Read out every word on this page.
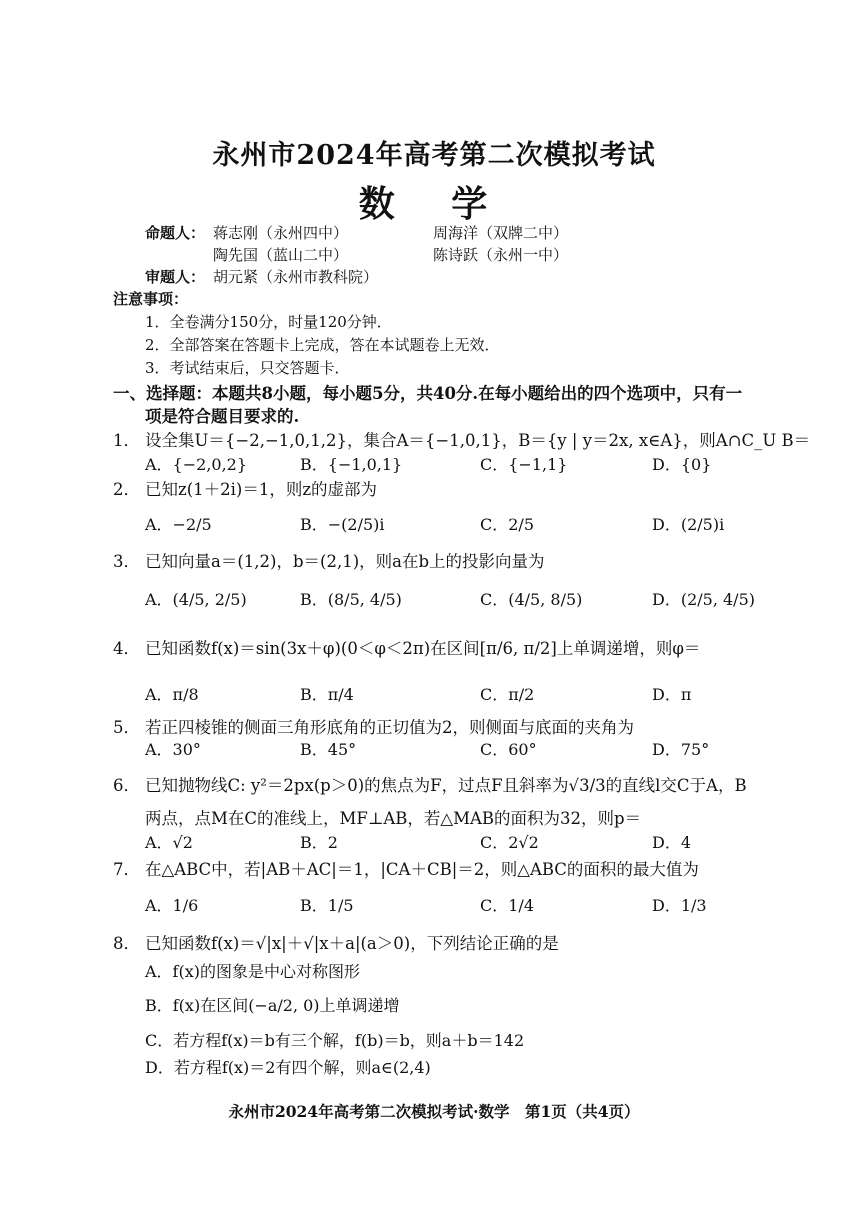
永州市2024年高考第二次模拟考试
数 学
命题人： 蒋志刚（永州四中）	周海洋（双牌二中）
陶先国（蓝山二中）	陈诗跃（永州一中）
审题人： 胡元紧（永州市教科院）
注意事项：
1．全卷满分150分，时量120分钟．
2．全部答案在答题卡上完成，答在本试题卷上无效．
3．考试结束后，只交答题卡．
一、选择题：本题共8小题，每小题5分，共40分.在每小题给出的四个选项中，只有一
项是符合题目要求的.
1． 设全集U＝{−2,−1,0,1,2}，集合A＝{−1,0,1}，B＝{y | y＝2x, x∈A}，则A∩C_U B＝
A．{−2,0,2}	B．{−1,0,1}	C．{−1,1}	D．{0}
2． 已知z(1＋2i)＝1，则z的虚部为
A．−2/5	B．−(2/5)i	C．2/5	D．(2/5)i
3． 已知向量a＝(1,2)，b＝(2,1)，则a在b上的投影向量为
A．(4/5, 2/5)	B．(8/5, 4/5)	C．(4/5, 8/5)	D．(2/5, 4/5)
4． 已知函数f(x)＝sin(3x＋φ)(0＜φ＜2π)在区间[π/6, π/2]上单调递增，则φ＝
A．π/8	B．π/4	C．π/2	D．π
5． 若正四棱锥的侧面三角形底角的正切值为2，则侧面与底面的夹角为
A．30°	B．45°	C．60°	D．75°
6． 已知抛物线C: y²＝2px(p＞0)的焦点为F，过点F且斜率为√3/3的直线l交C于A，B
两点，点M在C的准线上，MF⊥AB，若△MAB的面积为32，则p＝
A．√2	B．2	C．2√2	D．4
7． 在△ABC中，若|AB＋AC|＝1，|CA＋CB|＝2，则△ABC的面积的最大值为
A．1/6	B．1/5	C．1/4	D．1/3
8． 已知函数f(x)＝√|x|＋√|x＋a|(a＞0)，下列结论正确的是
A．f(x)的图象是中心对称图形
B．f(x)在区间(−a/2, 0)上单调递增
C．若方程f(x)＝b有三个解，f(b)＝b，则a＋b＝142
D．若方程f(x)＝2有四个解，则a∈(2,4)
永州市2024年高考第二次模拟考试·数学　第1页（共4页）
